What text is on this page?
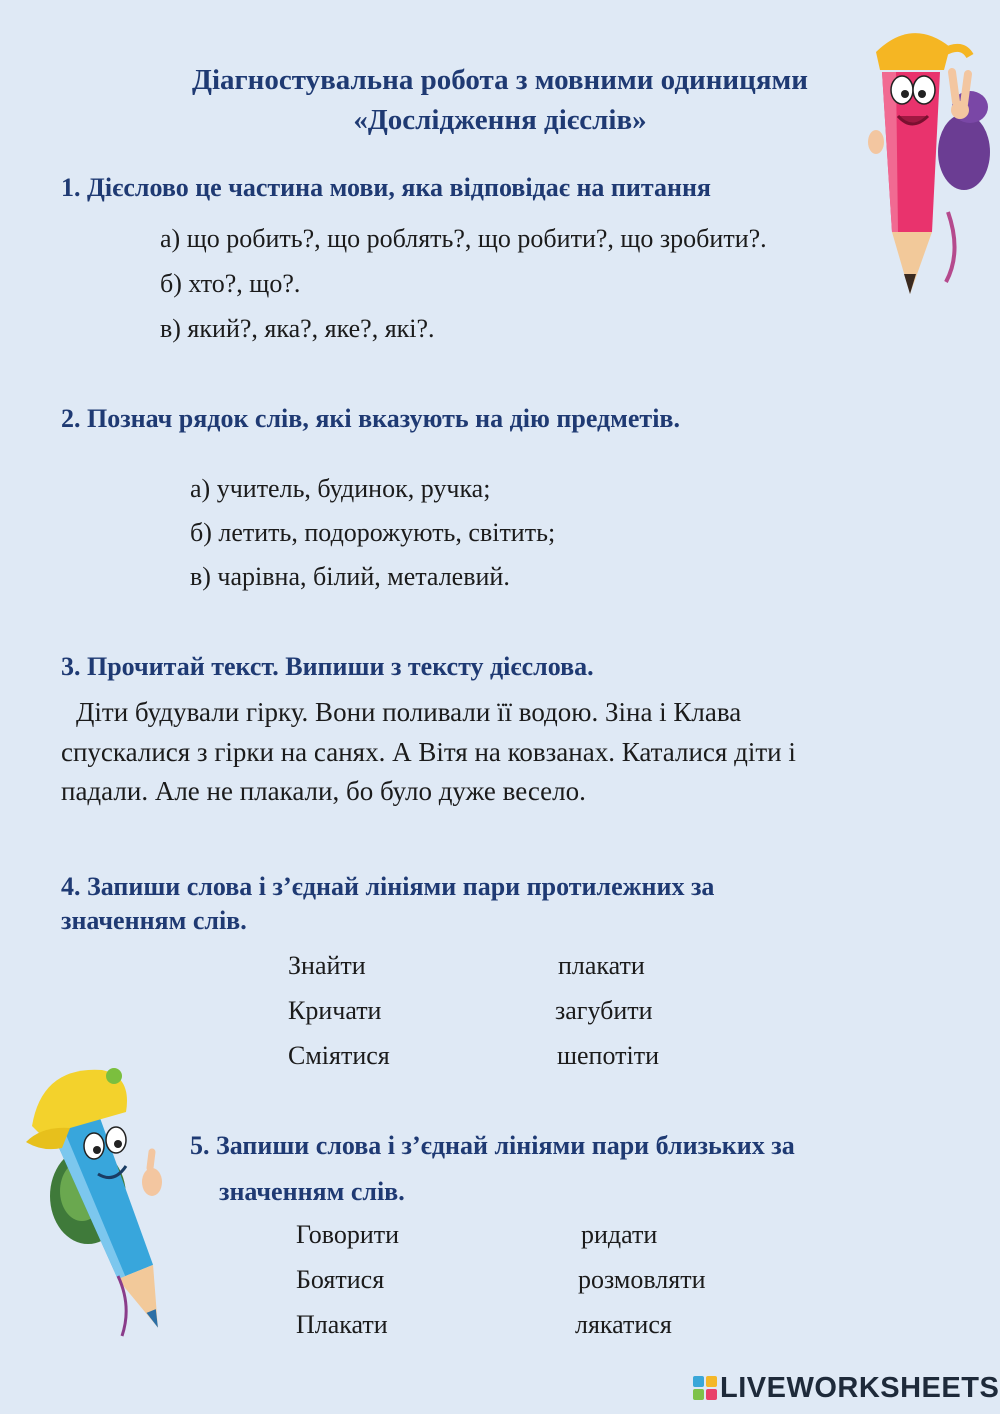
Діагностувальна робота з мовними одиницями
«Дослідження дієслів»
1. Дієслово це частина мови, яка відповідає на питання
а) що робить?, що роблять?, що робити?, що зробити?.
б) хто?, що?.
в) який?, яка?, яке?, які?.
2. Познач рядок слів, які вказують на дію предметів.
а) учитель, будинок, ручка;
б) летить, подорожують, світить;
в) чарівна, білий, металевий.
3. Прочитай текст. Випиши з тексту дієслова.
Діти будували гірку. Вони поливали її водою. Зіна і Клава
спускалися з гірки на санях. А Вітя на ковзанах. Каталися діти і
падали. Але не плакали, бо було дуже весело.
4. Запиши слова і з’єднай лініями пари протилежних за
значенням слів.
Знайти
Кричати
Сміятися
плакати
загубити
шепотіти
5. Запиши слова і з’єднай лініями пари близьких за
значенням слів.
Говорити
Боятися
Плакати
ридати
розмовляти
лякатися
LIVEWORKSHEETS
